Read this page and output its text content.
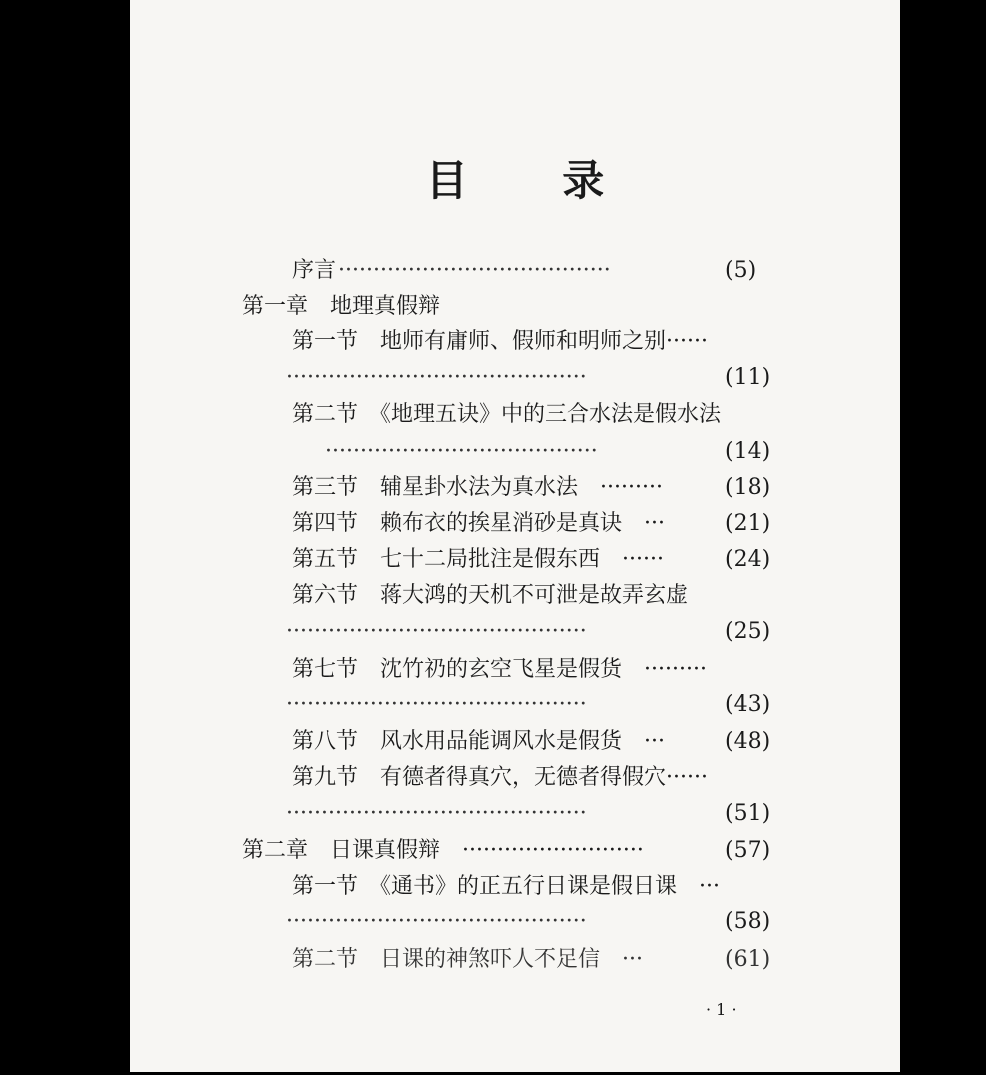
目 录
序言 ·······································	(5)
第一章　地理真假辩
第一节　地师有庸师、假师和明师之别······
···········································	(11)
第二节　《地理五诀》中的三合水法是假水法
·······································	(14)
第三节　辅星卦水法为真水法　·········	(18)
第四节　赖布衣的挨星消砂是真诀　···	(21)
第五节　七十二局批注是假东西　······	(24)
第六节　蒋大鸿的天机不可泄是故弄玄虚
···········································	(25)
第七节　沈竹礽的玄空飞星是假货　·········
···········································	(43)
第八节　风水用品能调风水是假货　···	(48)
第九节　有德者得真穴，无德者得假穴······
···········································	(51)
第二章　日课真假辩　··························	(57)
第一节　《通书》的正五行日课是假日课　···
···········································	(58)
第二节　日课的神煞吓人不足信　···	(61)
· 1 ·
